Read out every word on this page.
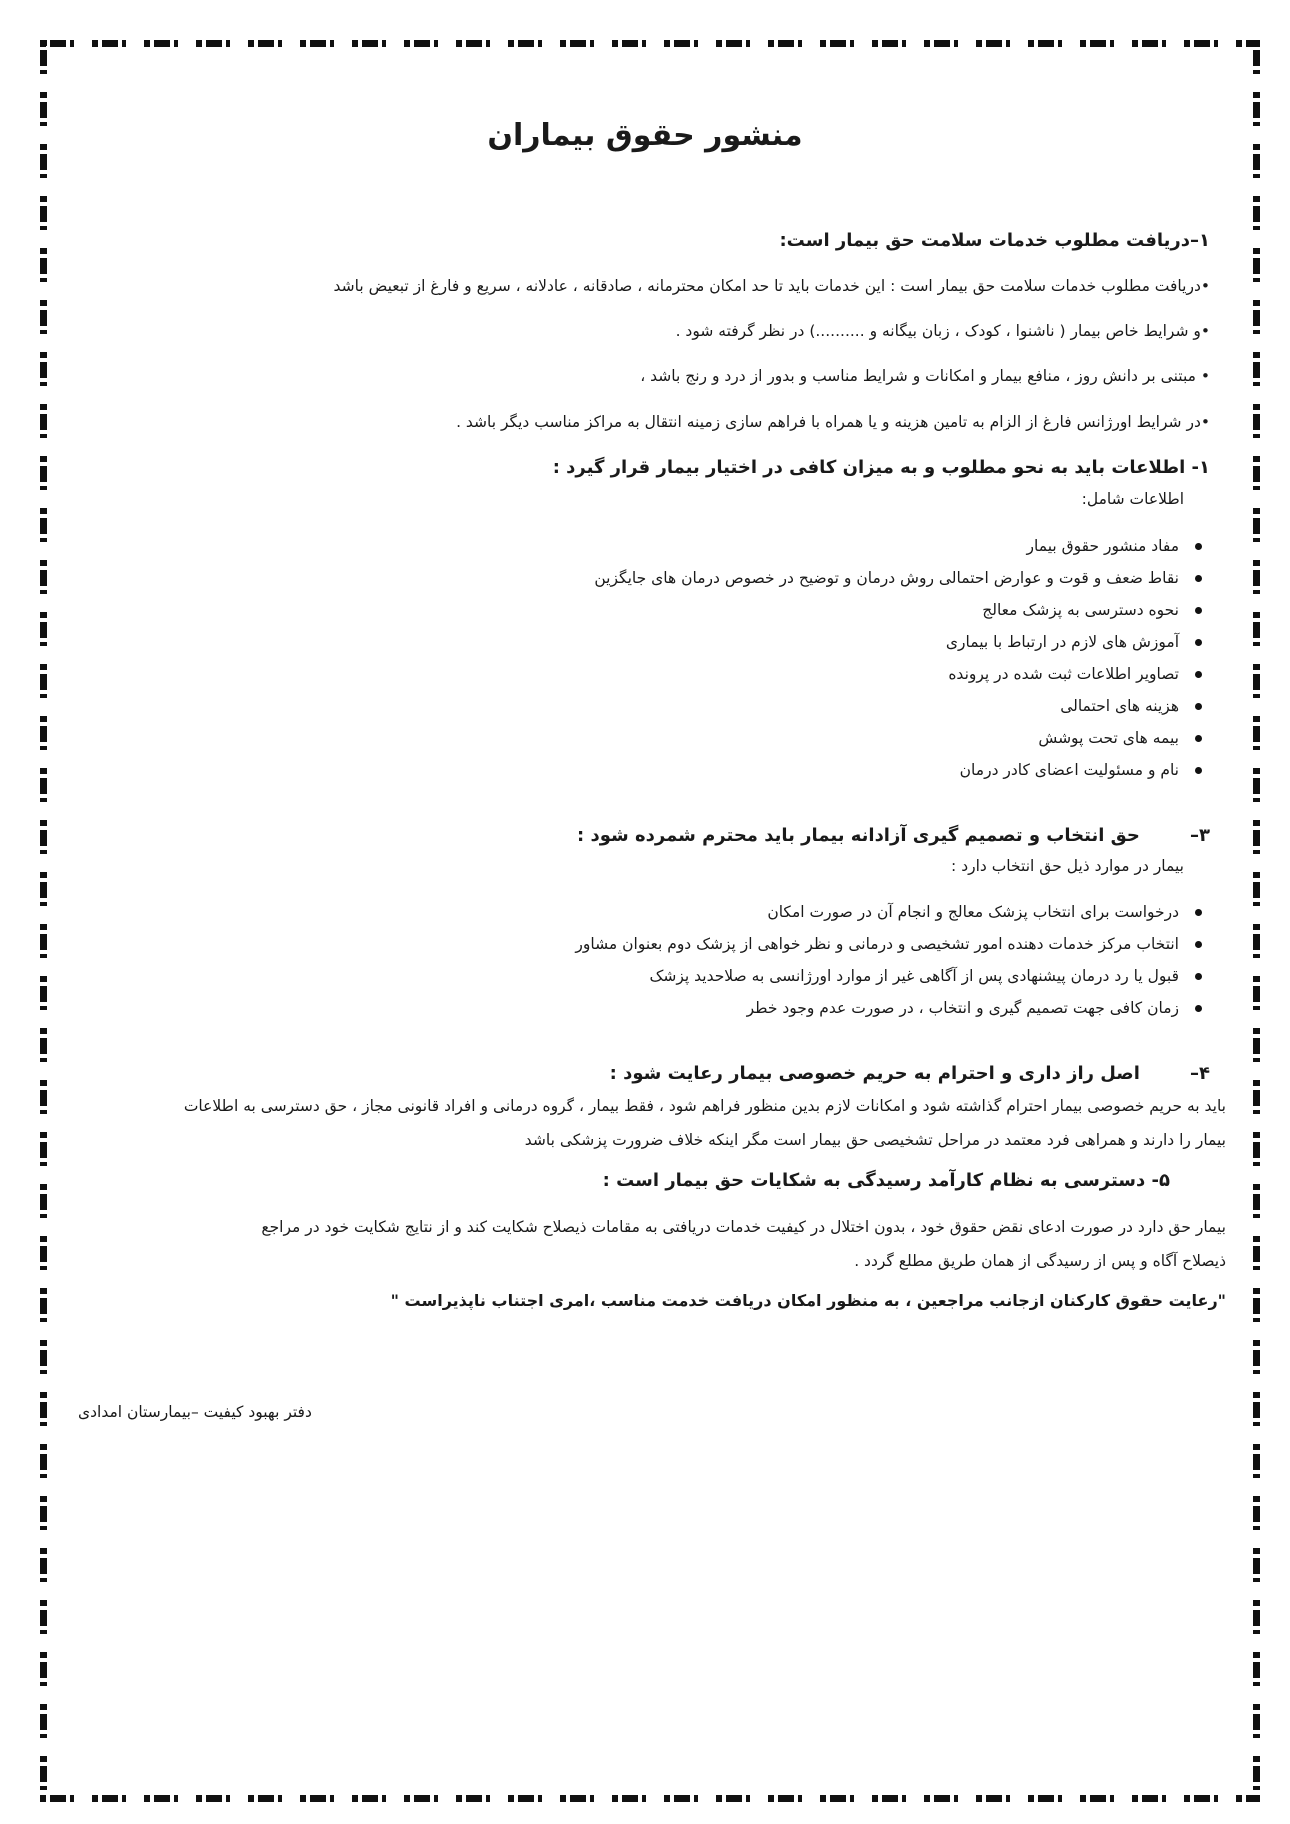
منشور حقوق بیماران
۱–دریافت مطلوب خدمات سلامت حق بیمار است:
•دریافت مطلوب خدمات سلامت حق بیمار است : این خدمات باید تا حد امکان محترمانه ، صادقانه ، عادلانه ، سریع و فارغ از تبعیض باشد
•و شرایط خاص بیمار ( ناشنوا ، کودک ، زبان بیگانه و ..........) در نظر گرفته شود .
• مبتنی بر دانش روز ، منافع بیمار و امکانات و شرایط مناسب و بدور از درد و رنج باشد ،
•در شرایط اورژانس فارغ از الزام به تامین هزینه و یا همراه با فراهم سازی زمینه انتقال به مراکز مناسب دیگر باشد .
۱- اطلاعات باید به نحو مطلوب و به میزان کافی در اختیار بیمار قرار گیرد :
اطلاعات شامل:
مفاد منشور حقوق بیمار
نقاط ضعف و قوت و عوارض احتمالی روش درمان و توضیح در خصوص درمان های جایگزین
نحوه دسترسی به پزشک معالج
آموزش های لازم در ارتباط با بیماری
تصاویر اطلاعات ثبت شده در پرونده
هزینه های احتمالی
بیمه های تحت پوشش
نام و مسئولیت اعضای کادر درمان
۳–        حق انتخاب و تصمیم گیری آزادانه بیمار باید محترم شمرده شود :
بیمار در موارد ذیل حق انتخاب دارد :
درخواست برای انتخاب پزشک معالج و انجام آن در صورت امکان
انتخاب مرکز خدمات دهنده امور تشخیصی و درمانی و نظر خواهی از پزشک دوم بعنوان مشاور
قبول یا رد درمان پیشنهادی پس از آگاهی غیر از موارد اورژانسی به صلاحدید پزشک
زمان کافی جهت تصمیم گیری و انتخاب ، در صورت عدم وجود خطر
۴–        اصل راز داری و احترام به حریم خصوصی بیمار رعایت شود :
باید به حریم خصوصی بیمار احترام گذاشته شود و امکانات لازم بدین منظور فراهم شود ، فقط بیمار ، گروه درمانی و افراد قانونی مجاز ، حق دسترسی به اطلاعات
بیمار را دارند و همراهی فرد معتمد در مراحل تشخیصی حق بیمار است مگر اینکه خلاف ضرورت پزشکی باشد
۵- دسترسی به نظام کارآمد رسیدگی به شکایات حق بیمار است :
بیمار حق دارد در صورت ادعای نقض حقوق خود ، بدون اختلال در کیفیت خدمات دریافتی به مقامات ذیصلاح شکایت کند و از نتایج شکایت خود در مراجع
ذیصلاح آگاه و پس از رسیدگی از همان طریق مطلع گردد .
"رعایت حقوق کارکنان ازجانب مراجعین ، به منظور امکان دریافت خدمت مناسب ،امری اجتناب ناپذیراست "
دفتر بهبود کیفیت –بیمارستان امدادی
